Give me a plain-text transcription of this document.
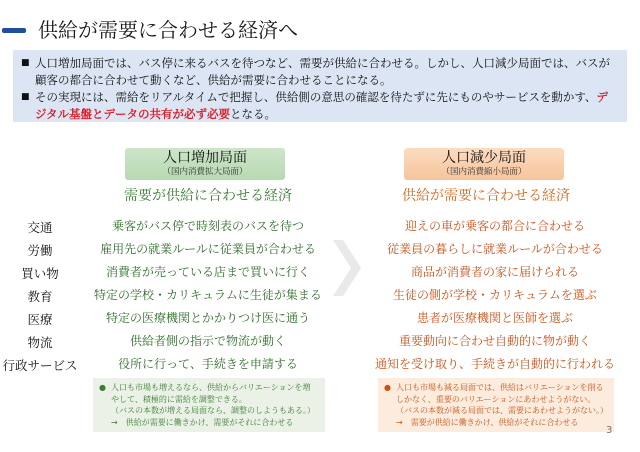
供給が需要に合わせる経済へ
■ 人口増加局面では、バス停に来るバスを待つなど、需要が供給に合わせる。しかし、人口減少局面では、バスが顧客の都合に合わせて動くなど、供給が需要に合わせることになる。
■ その実現には、需給をリアルタイムで把握し、供給側の意思の確認を待たずに先にものやサービスを動かす、デジタル基盤とデータの共有が必ず必要となる。
人口増加局面
（国内消費拡大局面）
人口減少局面
（国内消費縮小局面）
需要が供給に合わせる経済	供給が需要に合わせる経済
交通
労働
買い物
教育
医療
物流
行政サービス
乗客がバス停で時刻表のバスを待つ
雇用先の就業ルールに従業員が合わせる
消費者が売っている店まで買いに行く
特定の学校・カリキュラムに生徒が集まる
特定の医療機関とかかりつけ医に通う
供給者側の指示で物流が動く
役所に行って、手続きを申請する
迎えの車が乗客の都合に合わせる
従業員の暮らしに就業ルールが合わせる
商品が消費者の家に届けられる
生徒の側が学校・カリキュラムを選ぶ
患者が医療機関と医師を選ぶ
重要動向に合わせ自動的に物が動く
通知を受け取り、手続きが自動的に行われる
● 人口も市場も増えるなら、供給からバリエーションを増
やして、積極的に需給を調整できる。
（バスの本数が増える局面なら、調整のしようもある。）
→　供給が需要に働きかけ、需要がそれに合わせる
● 人口も市場も減る局面では、供給はバリエーションを削る
しかなく、重要のバリエーションにあわせようがない。
（バスの本数が減る局面では、需要にあわせようがない。）
→　需要が供給に働きかけ、供給がそれに合わせる
3
